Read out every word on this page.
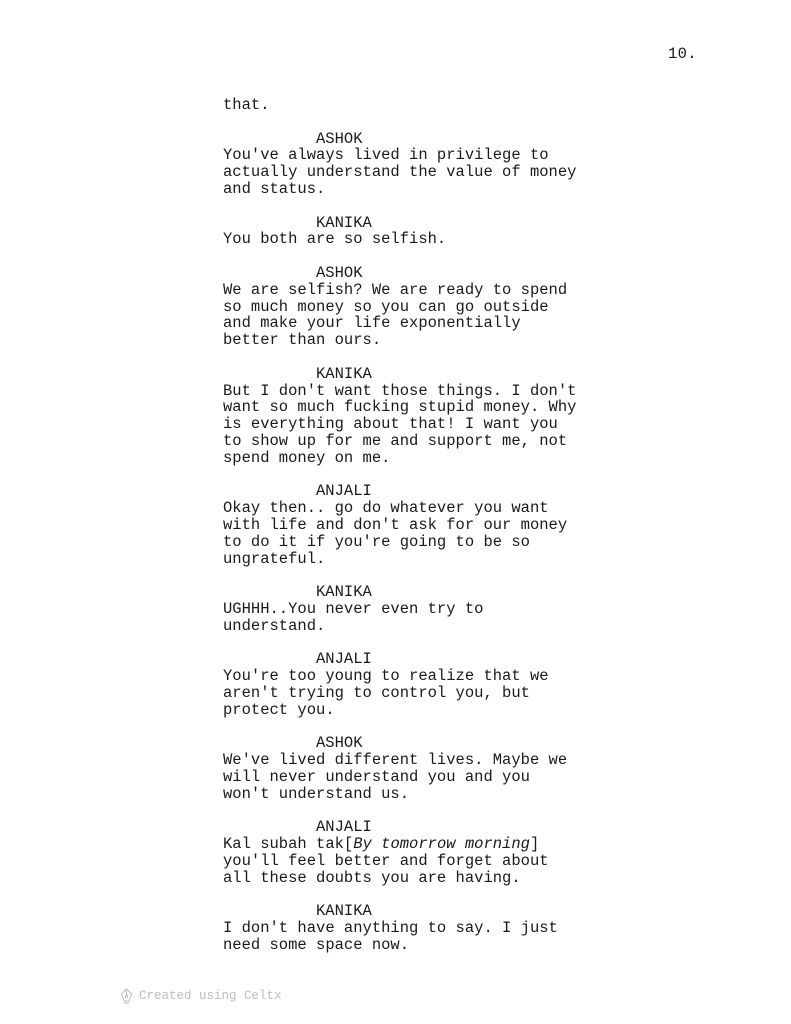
10.
that.
ASHOK
You've always lived in privilege to
actually understand the value of money
and status.
KANIKA
You both are so selfish.
ASHOK
We are selfish? We are ready to spend
so much money so you can go outside
and make your life exponentially
better than ours.
KANIKA
But I don't want those things. I don't
want so much fucking stupid money. Why
is everything about that! I want you
to show up for me and support me, not
spend money on me.
ANJALI
Okay then.. go do whatever you want
with life and don't ask for our money
to do it if you're going to be so
ungrateful.
KANIKA
UGHHH..You never even try to
understand.
ANJALI
You're too young to realize that we
aren't trying to control you, but
protect you.
ASHOK
We've lived different lives. Maybe we
will never understand you and you
won't understand us.
ANJALI
Kal subah tak[By tomorrow morning]
you'll feel better and forget about
all these doubts you are having.
KANIKA
I don't have anything to say. I just
need some space now.
Created using Celtx
